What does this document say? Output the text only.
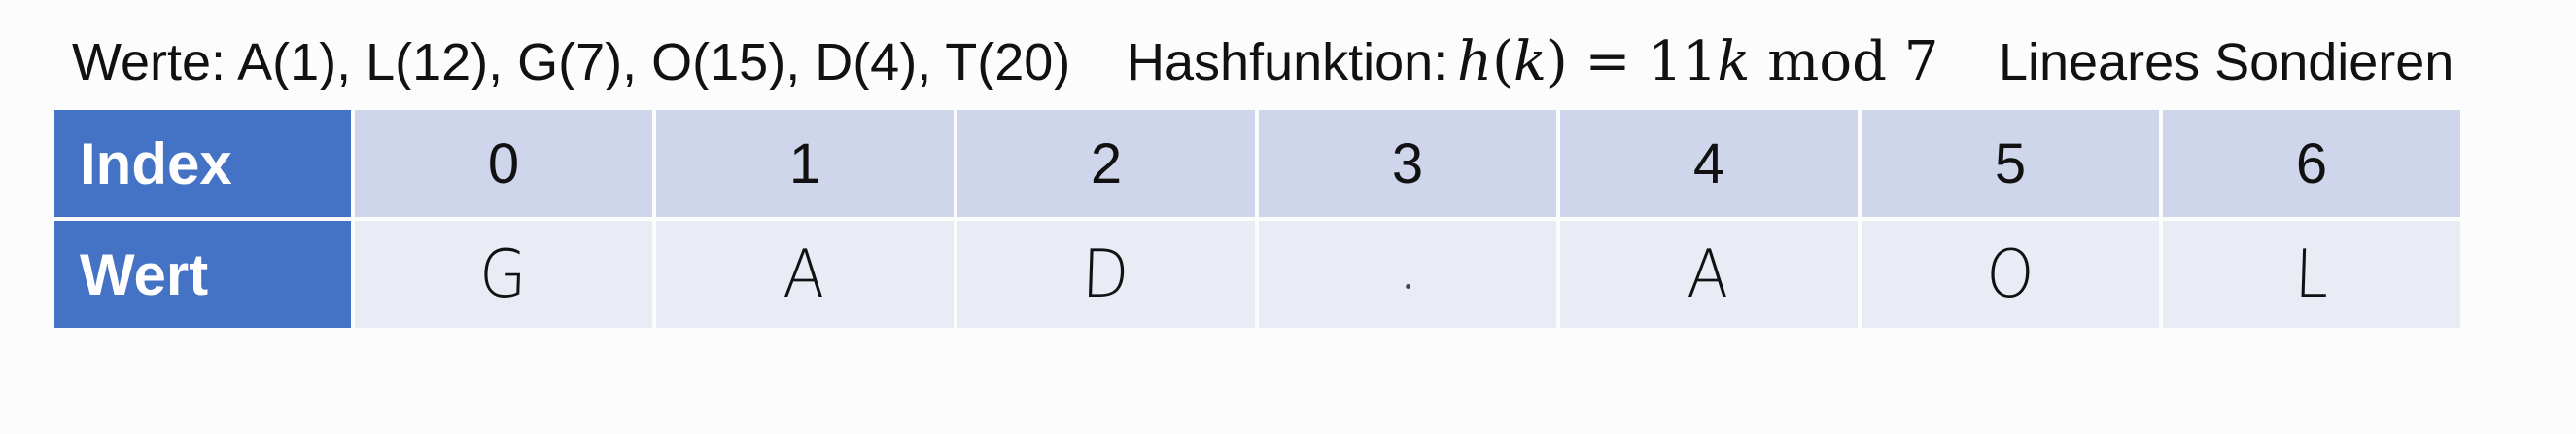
Werte: A(1), L(12), G(7), O(15), D(4), T(20) Hashfunktion: h(k) = 11k mod 7 Lineares Sondieren
Index	0	1	2	3	4	5	6
Wert	G	A	D		A	O	L
